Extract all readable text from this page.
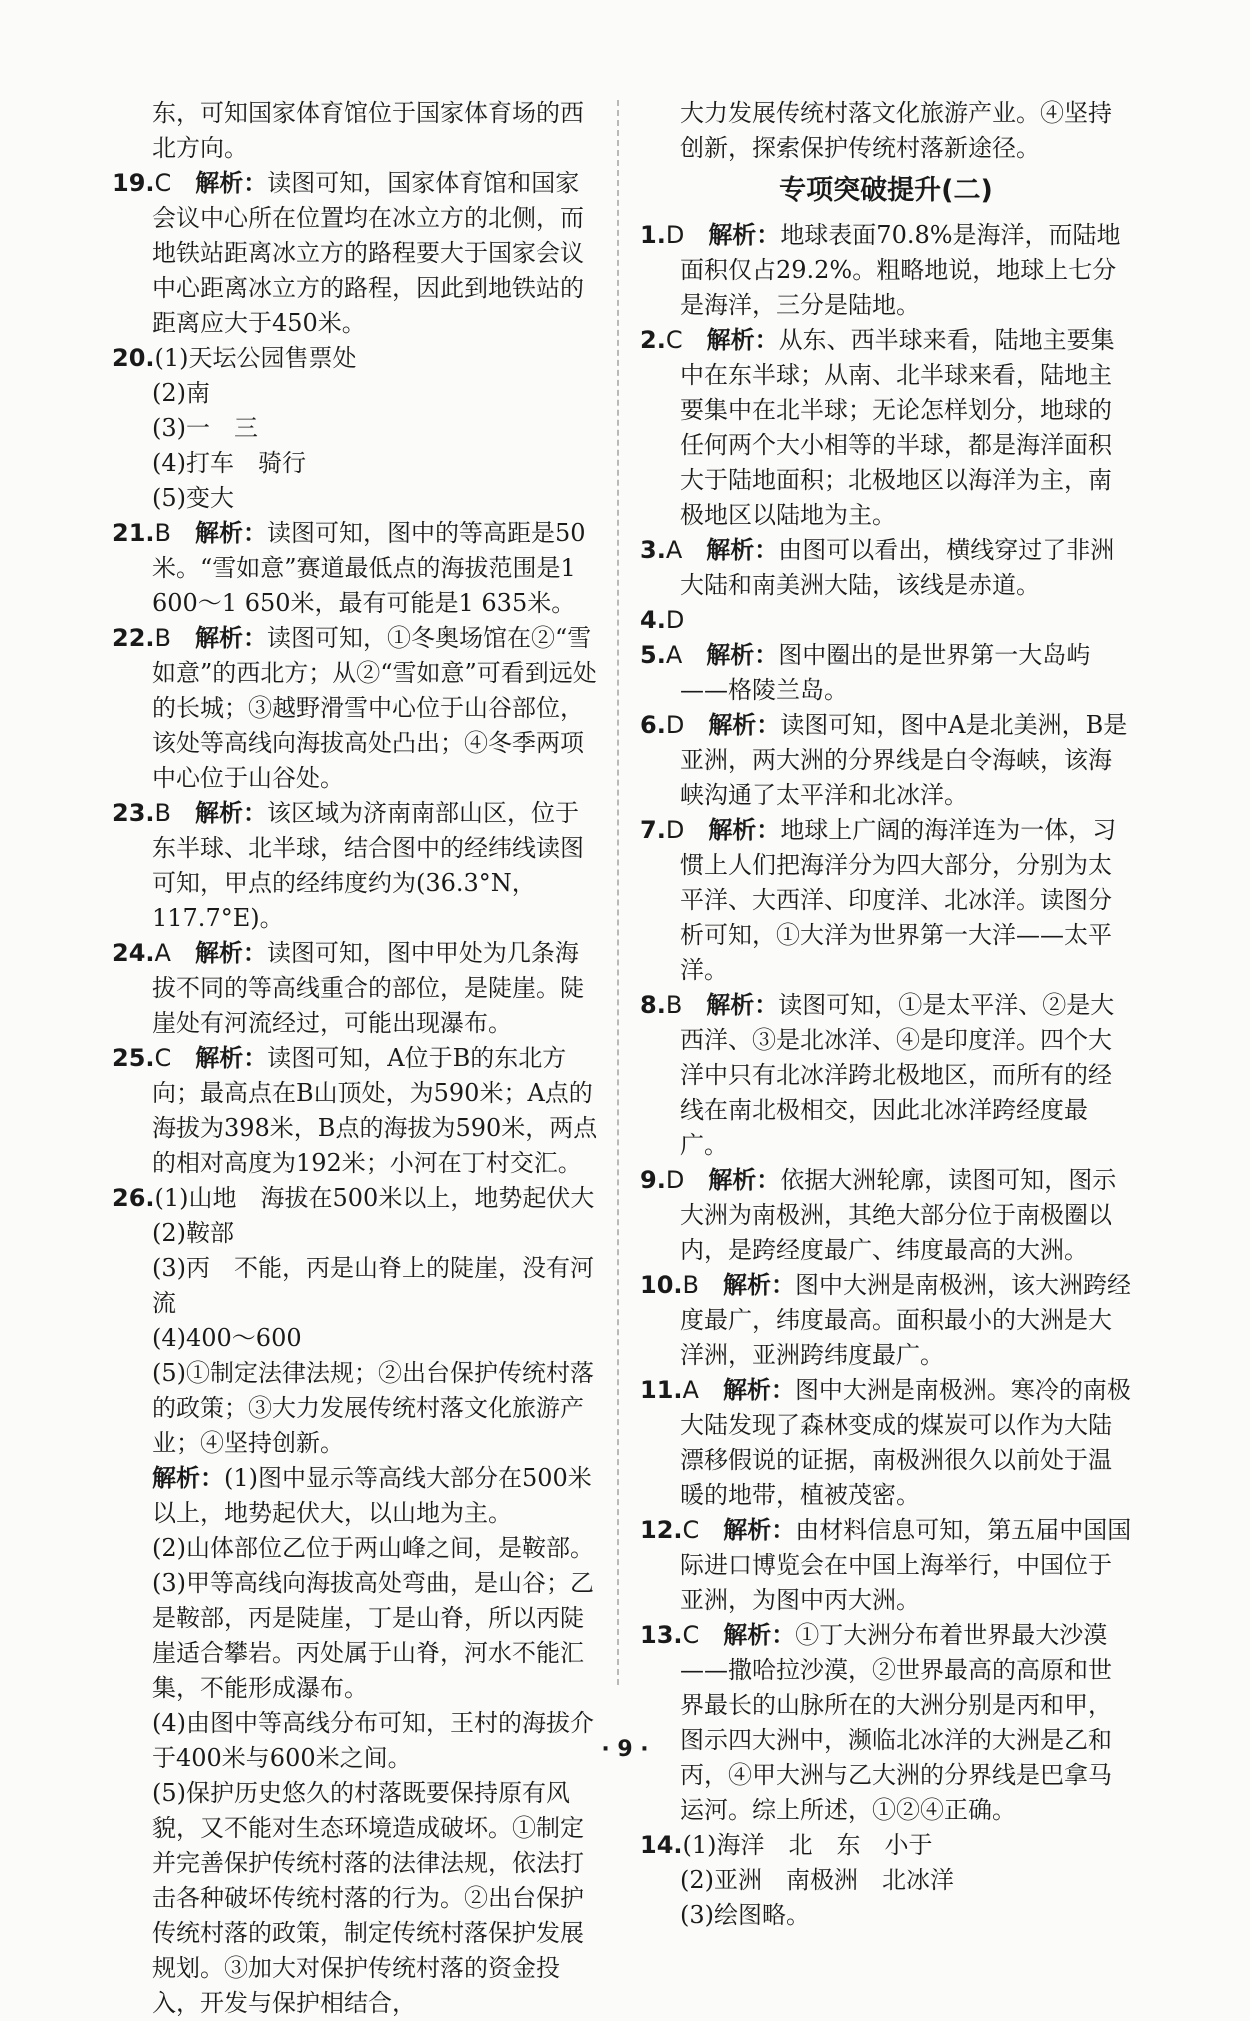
东，可知国家体育馆位于国家体育场的西北方向。

19.C　 解析：读图可知，国家体育馆和国家会议中心所在位置均在冰立方的北侧，而地铁站距离冰立方的路程要大于国家会议中心距离冰立方的路程，因此到地铁站的距离应大于450米。

20.(1)天坛公园售票处

(2)南

(3)一　三

(4)打车　骑行

(5)变大

21.B　 解析：读图可知，图中的等高距是50米。“雪如意”赛道最低点的海拔范围是1 600～1 650米，最有可能是1 635米。

22.B　 解析：读图可知，①冬奥场馆在②“雪如意”的西北方；从②“雪如意”可看到远处的长城；③越野滑雪中心位于山谷部位，该处等高线向海拔高处凸出；④冬季两项中心位于山谷处。

23.B　 解析：该区域为济南南部山区，位于东半球、北半球，结合图中的经纬线读图可知，甲点的经纬度约为(36.3°N，117.7°E)。

24.A　 解析：读图可知，图中甲处为几条海拔不同的等高线重合的部位，是陡崖。陡崖处有河流经过，可能出现瀑布。

25.C　 解析：读图可知，A位于B的东北方向；最高点在B山顶处，为590米；A点的海拔为398米，B点的海拔为590米，两点的相对高度为192米；小河在丁村交汇。

26.(1)山地　海拔在500米以上，地势起伏大

(2)鞍部

(3)丙　不能，丙是山脊上的陡崖，没有河流

(4)400～600

(5)①制定法律法规；②出台保护传统村落的政策；③大力发展传统村落文化旅游产业；④坚持创新。

解析：(1)图中显示等高线大部分在500米以上，地势起伏大，以山地为主。

(2)山体部位乙位于两山峰之间，是鞍部。

(3)甲等高线向海拔高处弯曲，是山谷；乙是鞍部，丙是陡崖，丁是山脊，所以丙陡崖适合攀岩。丙处属于山脊，河水不能汇集，不能形成瀑布。

(4)由图中等高线分布可知，王村的海拔介于400米与600米之间。

(5)保护历史悠久的村落既要保持原有风貌，又不能对生态环境造成破坏。①制定并完善保护传统村落的法律法规，依法打击各种破坏传统村落的行为。②出台保护传统村落的政策，制定传统村落保护发展规划。③加大对保护传统村落的资金投入，开发与保护相结合，

大力发展传统村落文化旅游产业。④坚持创新，探索保护传统村落新途径。

专项突破提升(二)

1.D　 解析：地球表面70.8%是海洋，而陆地面积仅占29.2%。粗略地说，地球上七分是海洋，三分是陆地。

2.C　 解析：从东、西半球来看，陆地主要集中在东半球；从南、北半球来看，陆地主要集中在北半球；无论怎样划分，地球的任何两个大小相等的半球，都是海洋面积大于陆地面积；北极地区以海洋为主，南极地区以陆地为主。

3.A　 解析：由图可以看出，横线穿过了非洲大陆和南美洲大陆，该线是赤道。

4.D

5.A　 解析：图中圈出的是世界第一大岛屿——格陵兰岛。

6.D　 解析：读图可知，图中A是北美洲，B是亚洲，两大洲的分界线是白令海峡，该海峡沟通了太平洋和北冰洋。

7.D　 解析：地球上广阔的海洋连为一体，习惯上人们把海洋分为四大部分，分别为太平洋、大西洋、印度洋、北冰洋。读图分析可知，①大洋为世界第一大洋——太平洋。

8.B　 解析：读图可知，①是太平洋、②是大西洋、③是北冰洋、④是印度洋。四个大洋中只有北冰洋跨北极地区，而所有的经线在南北极相交，因此北冰洋跨经度最广。

9.D　 解析：依据大洲轮廓，读图可知，图示大洲为南极洲，其绝大部分位于南极圈以内，是跨经度最广、纬度最高的大洲。

10.B　 解析：图中大洲是南极洲，该大洲跨经度最广，纬度最高。面积最小的大洲是大洋洲，亚洲跨纬度最广。

11.A　 解析：图中大洲是南极洲。寒冷的南极大陆发现了森林变成的煤炭可以作为大陆漂移假说的证据，南极洲很久以前处于温暖的地带，植被茂密。

12.C　 解析：由材料信息可知，第五届中国国际进口博览会在中国上海举行，中国位于亚洲，为图中丙大洲。

13.C　 解析：①丁大洲分布着世界最大沙漠——撒哈拉沙漠，②世界最高的高原和世界最长的山脉所在的大洲分别是丙和甲，图示四大洲中，濒临北冰洋的大洲是乙和丙，④甲大洲与乙大洲的分界线是巴拿马运河。综上所述，①②④正确。

14.(1)海洋　北　东　小于

(2)亚洲　南极洲　北冰洋

(3)绘图略。

· 9 ·
